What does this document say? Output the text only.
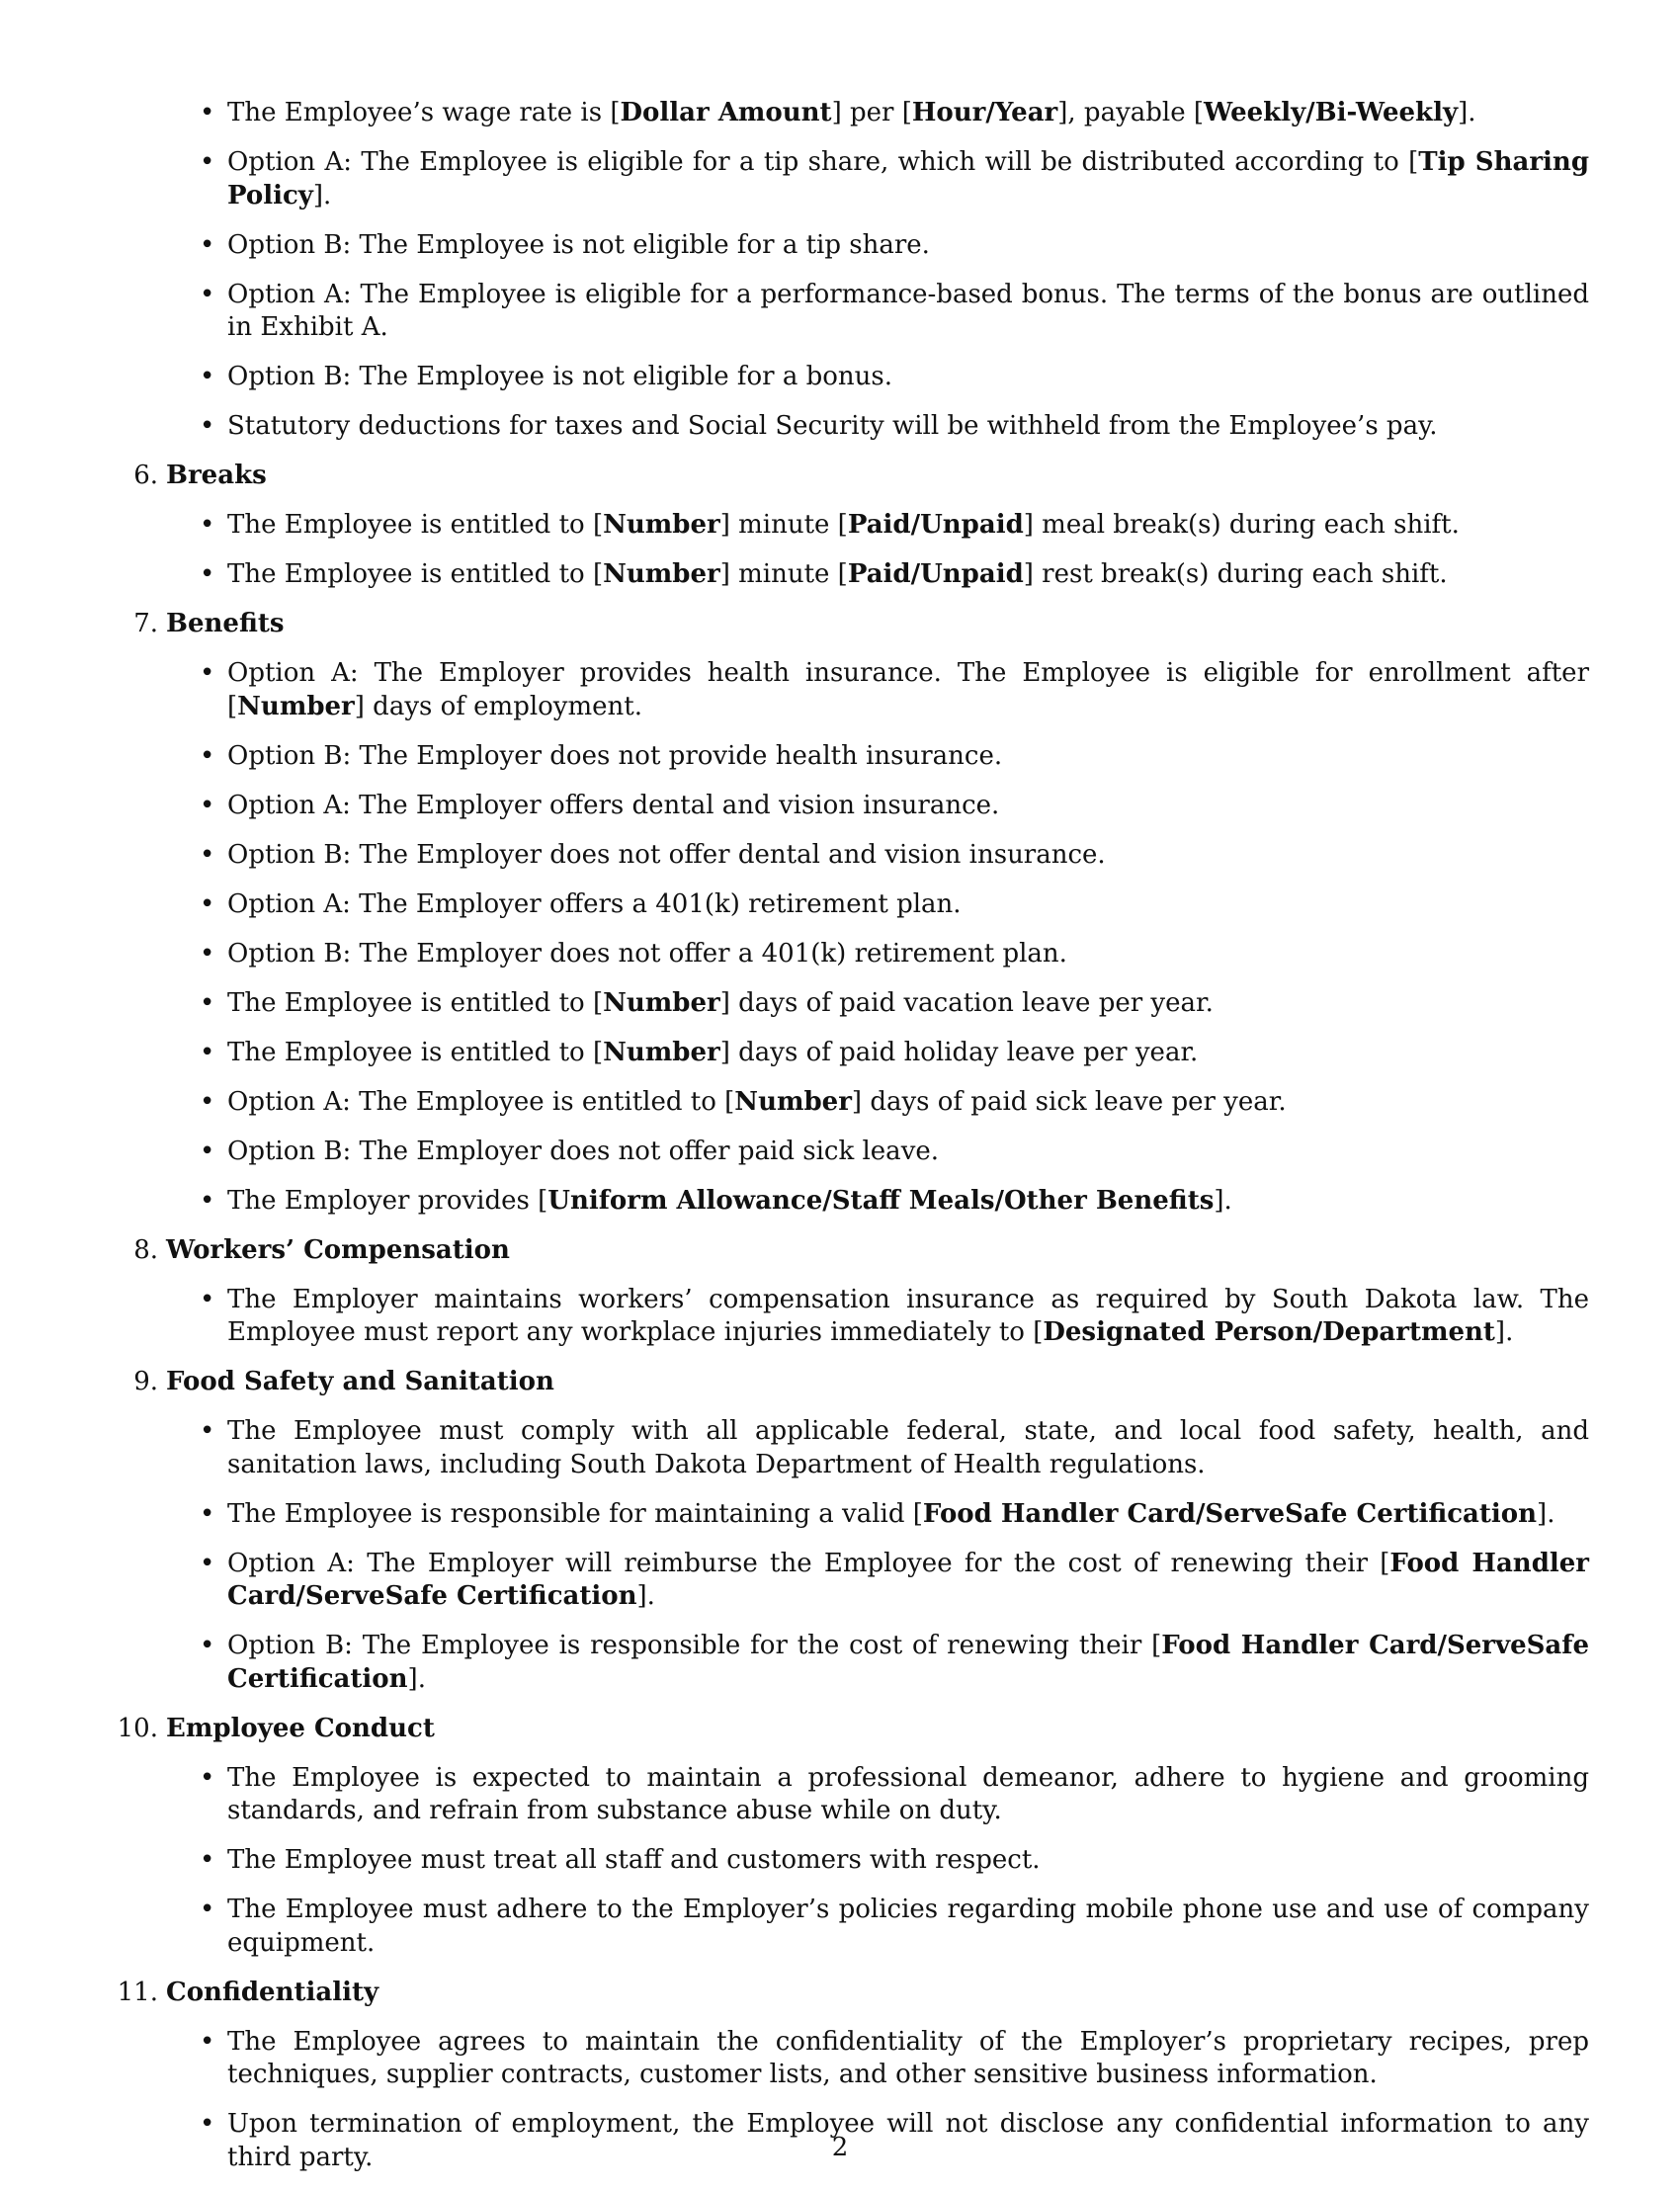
• The Employee’s wage rate is [Dollar Amount] per [Hour/Year], payable [Weekly/Bi-Weekly].
• Option A: The Employee is eligible for a tip share, which will be distributed according to [Tip Sharing Policy].
• Option B: The Employee is not eligible for a tip share.
• Option A: The Employee is eligible for a performance-based bonus. The terms of the bonus are outlined in Exhibit A.
• Option B: The Employee is not eligible for a bonus.
• Statutory deductions for taxes and Social Security will be withheld from the Employee’s pay.
6. Breaks
• The Employee is entitled to [Number] minute [Paid/Unpaid] meal break(s) during each shift.
• The Employee is entitled to [Number] minute [Paid/Unpaid] rest break(s) during each shift.
7. Benefits
• Option A: The Employer provides health insurance. The Employee is eligible for enrollment after [Number] days of employment.
• Option B: The Employer does not provide health insurance.
• Option A: The Employer offers dental and vision insurance.
• Option B: The Employer does not offer dental and vision insurance.
• Option A: The Employer offers a 401(k) retirement plan.
• Option B: The Employer does not offer a 401(k) retirement plan.
• The Employee is entitled to [Number] days of paid vacation leave per year.
• The Employee is entitled to [Number] days of paid holiday leave per year.
• Option A: The Employee is entitled to [Number] days of paid sick leave per year.
• Option B: The Employer does not offer paid sick leave.
• The Employer provides [Uniform Allowance/Staff Meals/Other Benefits].
8. Workers’ Compensation
• The Employer maintains workers’ compensation insurance as required by South Dakota law. The Employee must report any workplace injuries immediately to [Designated Person/Department].
9. Food Safety and Sanitation
• The Employee must comply with all applicable federal, state, and local food safety, health, and sanitation laws, including South Dakota Department of Health regulations.
• The Employee is responsible for maintaining a valid [Food Handler Card/ServeSafe Certification].
• Option A: The Employer will reimburse the Employee for the cost of renewing their [Food Handler Card/ServeSafe Certification].
• Option B: The Employee is responsible for the cost of renewing their [Food Handler Card/ServeSafe Certification].
10. Employee Conduct
• The Employee is expected to maintain a professional demeanor, adhere to hygiene and grooming standards, and refrain from substance abuse while on duty.
• The Employee must treat all staff and customers with respect.
• The Employee must adhere to the Employer’s policies regarding mobile phone use and use of company equipment.
11. Confidentiality
• The Employee agrees to maintain the confidentiality of the Employer’s proprietary recipes, prep techniques, supplier contracts, customer lists, and other sensitive business information.
• Upon termination of employment, the Employee will not disclose any confidential information to any third party.	2
